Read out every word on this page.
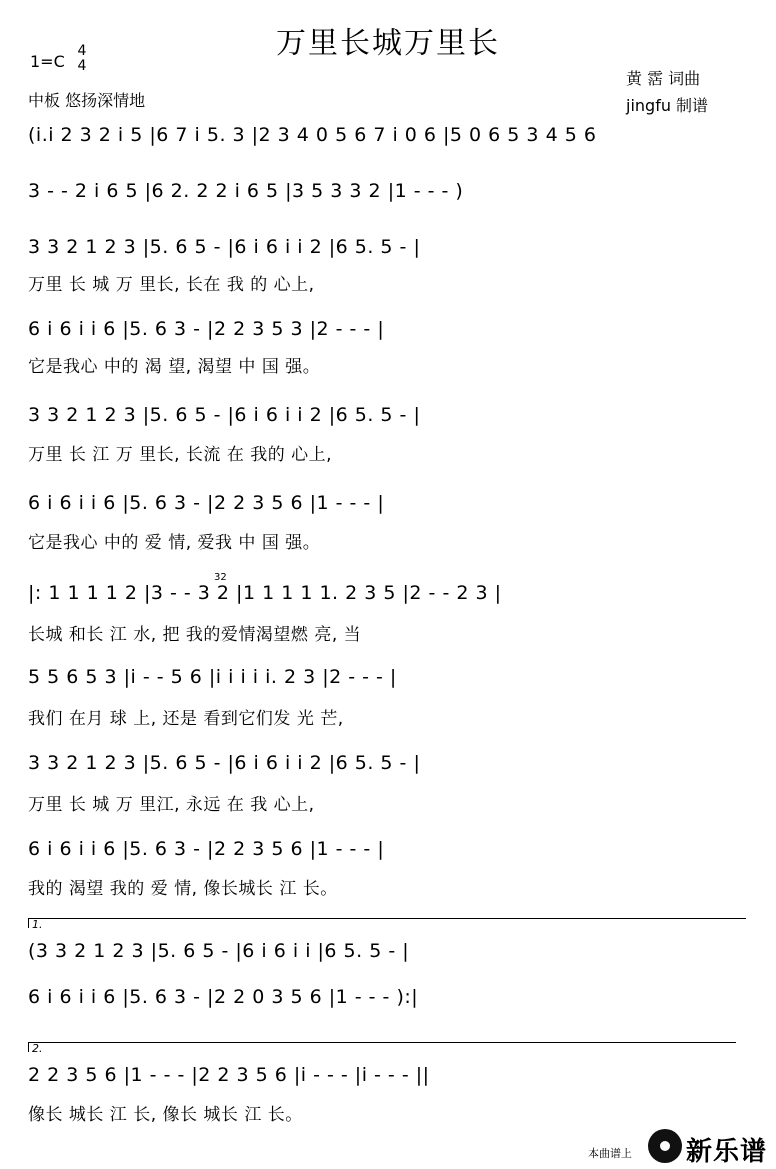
万里长城万里长
1=C
4
4
中板 悠扬深情地
黄 霑 词曲
jingfu 制谱
(i.i 2 3 2 i 5 |6 7 i 5. 3 |2 3 4 0 5 6 7 i 0 6 |5 0 6 5 3 4 5 6
3 - - 2 i 6 5 |6 2. 2 2 i 6 5 |3 5 3 3 2 |1 - - - )
3 3 2 1 2 3 |5. 6 5 - |6 i 6 i i 2 |6 5. 5 - |
万里 长 城 万 里长, 长在 我 的 心上,
6 i 6 i i 6 |5. 6 3 - |2 2 3 5 3 |2 - - - |
它是我心 中的 渴 望, 渴望 中 国 强。
3 3 2 1 2 3 |5. 6 5 - |6 i 6 i i 2 |6 5. 5 - |
万里 长 江 万 里长, 长流 在 我的 心上,
6 i 6 i i 6 |5. 6 3 - |2 2 3 5 6 |1 - - - |
它是我心 中的 爱 情, 爱我 中 国 强。
32
|: 1 1 1 1 2 |3 - - 3 2 |1 1 1 1 1. 2 3 5 |2 - - 2 3 |
长城 和长 江 水, 把 我的爱情渴望燃 亮, 当
5 5 6 5 3 |i - - 5 6 |i i i i i. 2 3 |2 - - - |
我们 在月 球 上, 还是 看到它们发 光 芒,
3 3 2 1 2 3 |5. 6 5 - |6 i 6 i i 2 |6 5. 5 - |
万里 长 城 万 里江, 永远 在 我 心上,
6 i 6 i i 6 |5. 6 3 - |2 2 3 5 6 |1 - - - |
我的 渴望 我的 爱 情, 像长城长 江 长。
1.
(3 3 2 1 2 3 |5. 6 5 - |6 i 6 i i |6 5. 5 - |
6 i 6 i i 6 |5. 6 3 - |2 2 0 3 5 6 |1 - - - ):|
2.
2 2 3 5 6 |1 - - - |2 2 3 5 6 |i - - - |i - - - ||
像长 城长 江 长, 像长 城长 江 长。
本曲谱上 新乐谱
